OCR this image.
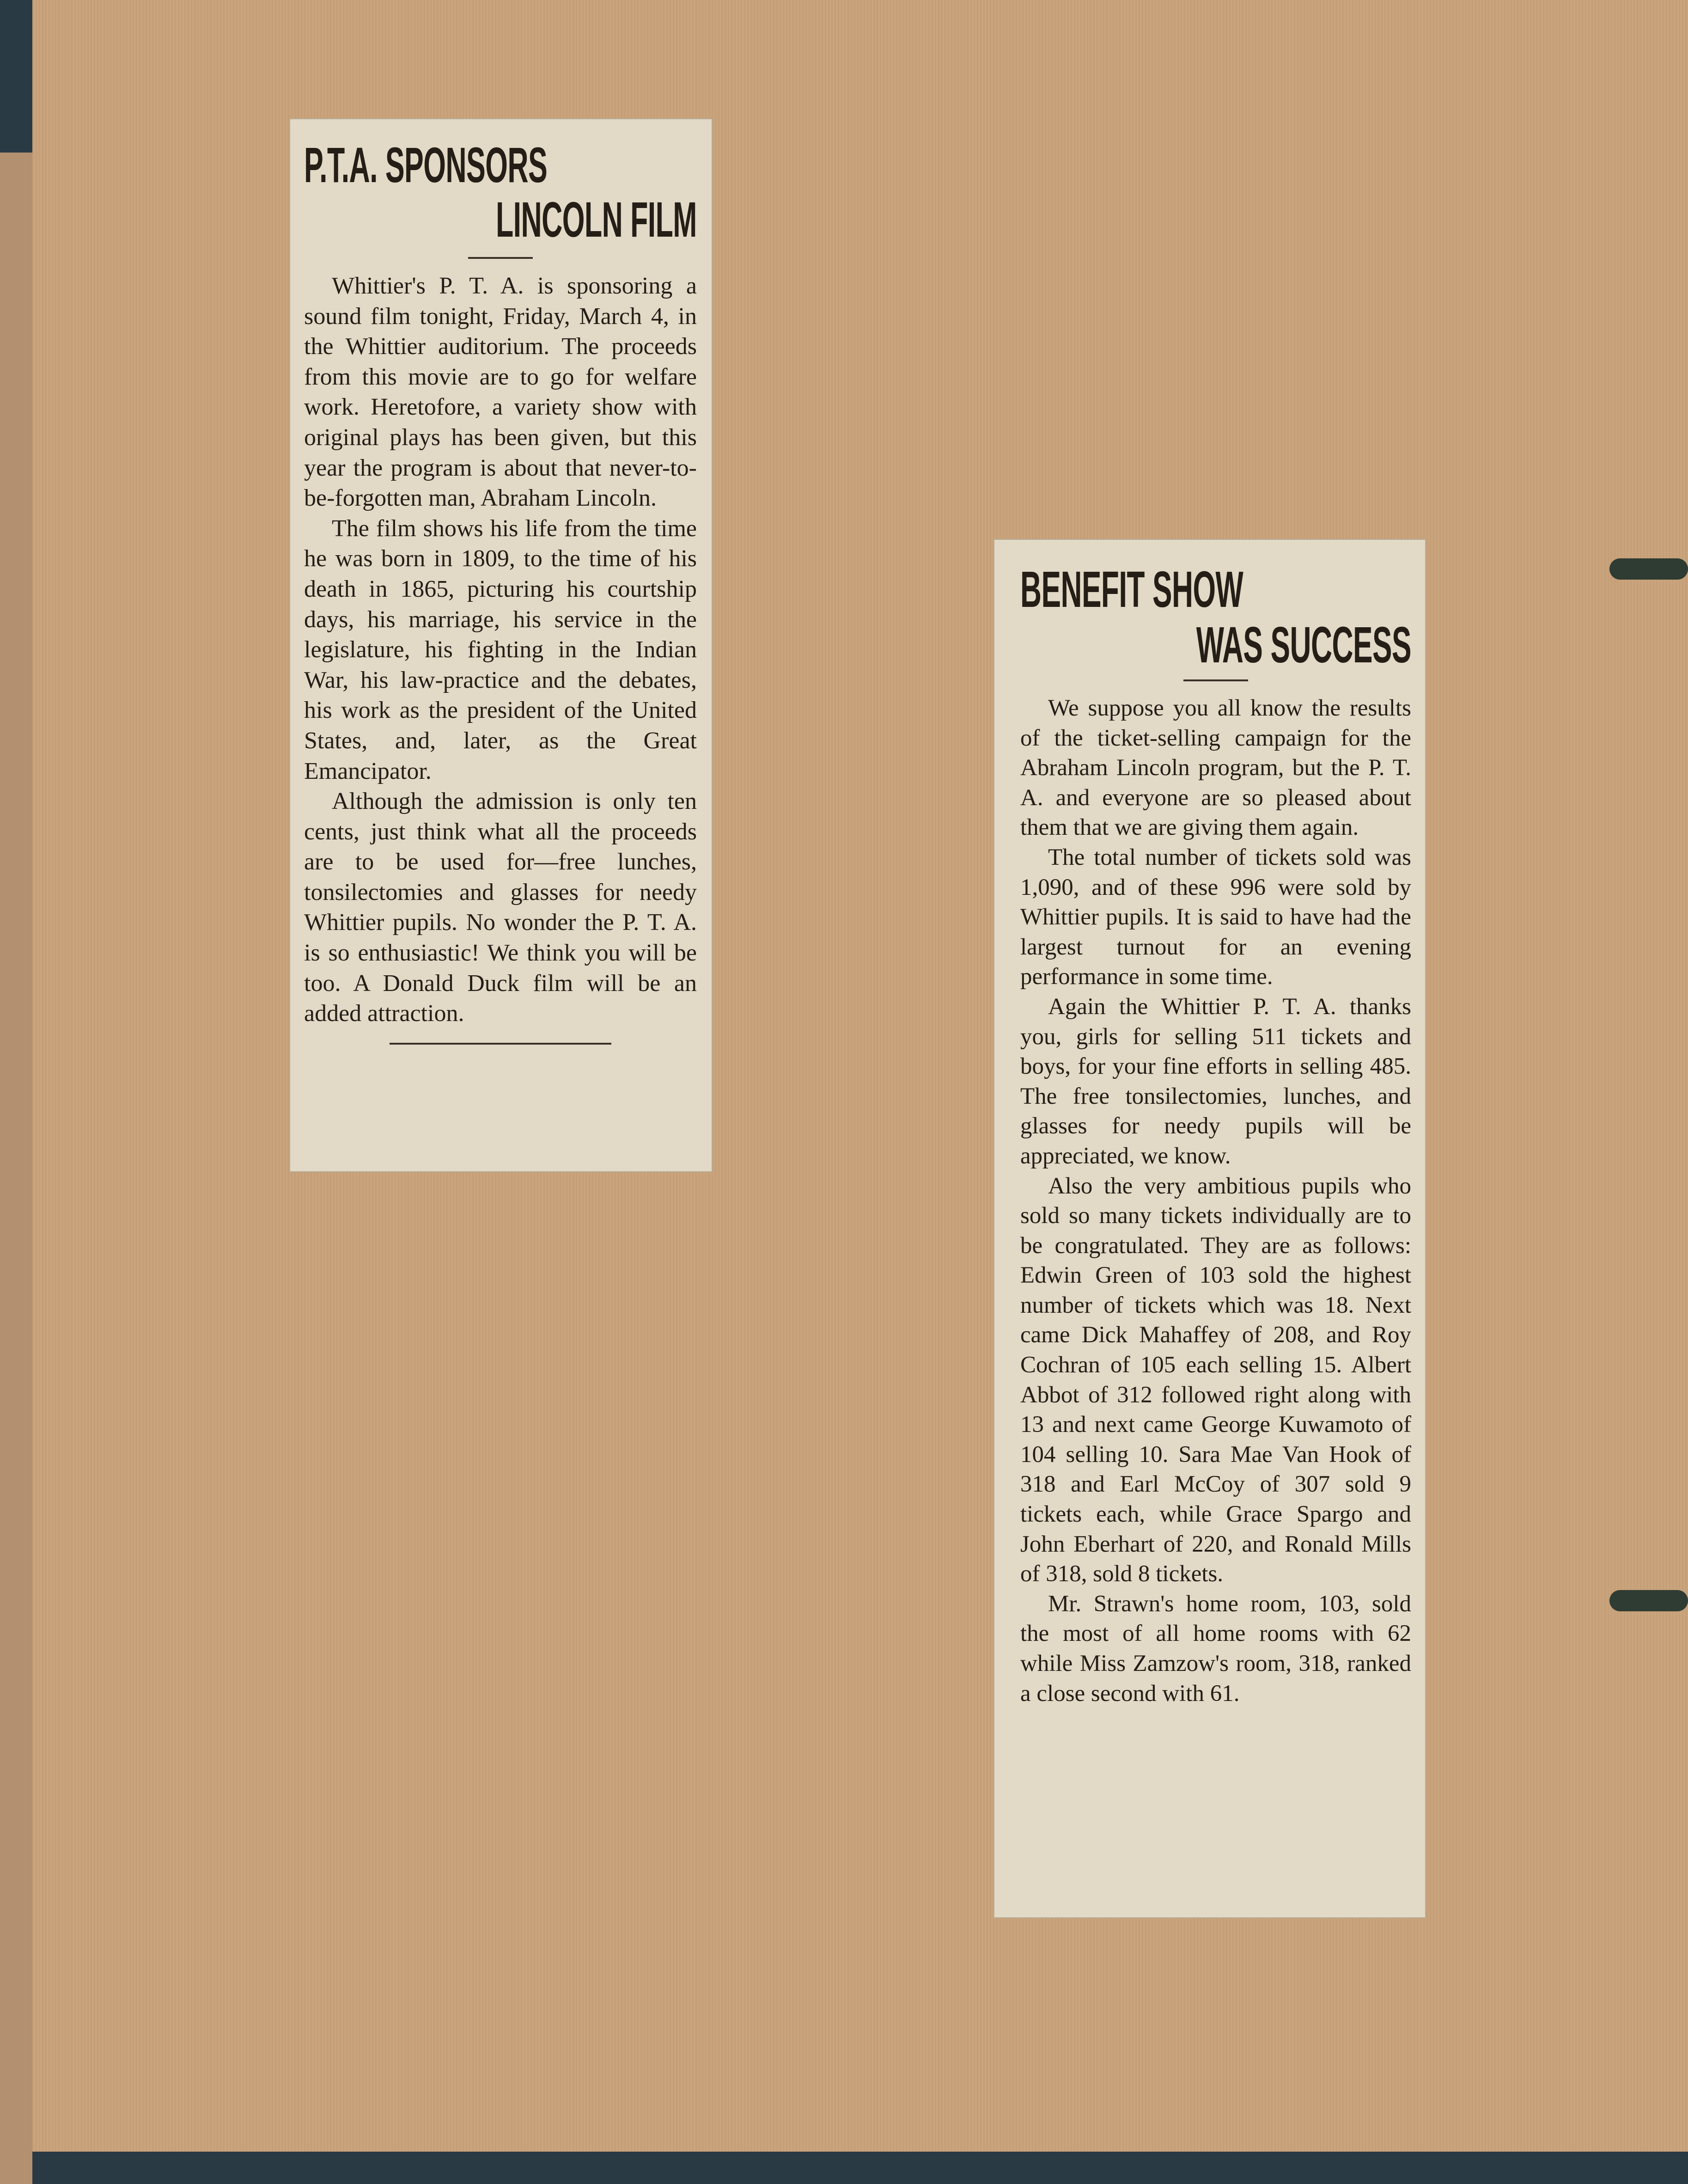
P.T.A. SPONSORS
LINCOLN FILM

Whittier's P. T. A. is sponsoring a sound film tonight, Friday, March 4, in the Whittier auditorium. The proceeds from this movie are to go for welfare work. Heretofore, a variety show with original plays has been given, but this year the program is about that never-to-be-forgotten man, Abraham Lincoln.

The film shows his life from the time he was born in 1809, to the time of his death in 1865, picturing his courtship days, his marriage, his service in the legislature, his fighting in the Indian War, his law-practice and the debates, his work as the president of the United States, and, later, as the Great Emancipator.

Although the admission is only ten cents, just think what all the proceeds are to be used for—free lunches, tonsilectomies and glasses for needy Whittier pupils. No wonder the P. T. A. is so enthusiastic! We think you will be too. A Donald Duck film will be an added attraction.

BENEFIT SHOW
WAS SUCCESS

We suppose you all know the results of the ticket-selling campaign for the Abraham Lincoln program, but the P. T. A. and everyone are so pleased about them that we are giving them again.

The total number of tickets sold was 1,090, and of these 996 were sold by Whittier pupils. It is said to have had the largest turnout for an evening performance in some time.

Again the Whittier P. T. A. thanks you, girls for selling 511 tickets and boys, for your fine efforts in selling 485. The free tonsilectomies, lunches, and glasses for needy pupils will be appreciated, we know.

Also the very ambitious pupils who sold so many tickets individually are to be congratulated. They are as follows: Edwin Green of 103 sold the highest number of tickets which was 18. Next came Dick Mahaffey of 208, and Roy Cochran of 105 each selling 15. Albert Abbot of 312 followed right along with 13 and next came George Kuwamoto of 104 selling 10. Sara Mae Van Hook of 318 and Earl McCoy of 307 sold 9 tickets each, while Grace Spargo and John Eberhart of 220, and Ronald Mills of 318, sold 8 tickets.

Mr. Strawn's home room, 103, sold the most of all home rooms with 62 while Miss Zamzow's room, 318, ranked a close second with 61.
